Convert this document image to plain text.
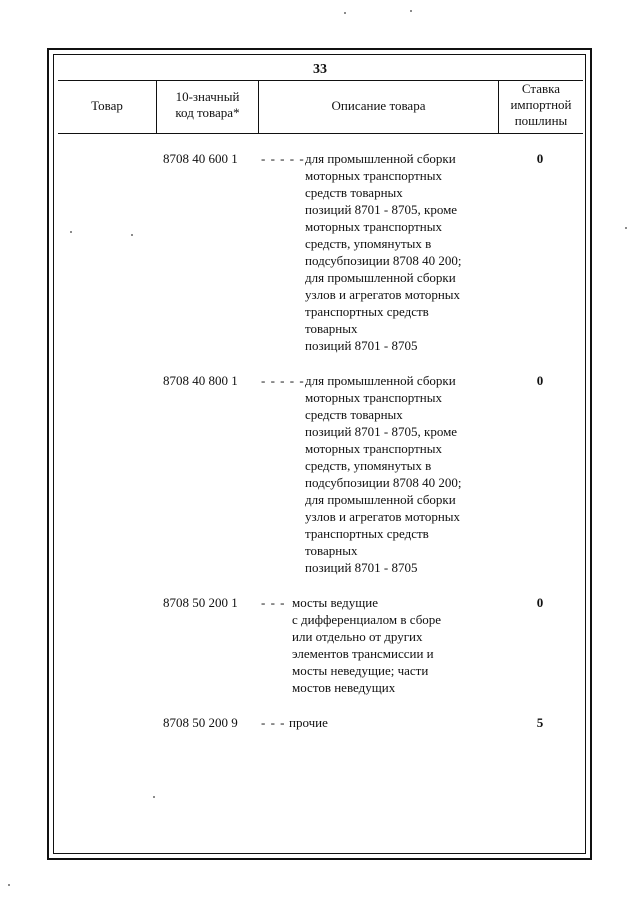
33
Товар
10-значный
код товара*	Описание товара
Ставка
импортной
пошлины
8708 40 600 1 - - - - - для промышленной сборки
моторных транспортных
средств товарных
позиций 8701 - 8705, кроме
моторных транспортных
средств, упомянутых в
подсубпозиции 8708 40 200;
для промышленной сборки
узлов и агрегатов моторных
транспортных средств
товарных
позиций 8701 - 8705
0
8708 40 800 1 - - - - - для промышленной сборки
моторных транспортных
средств товарных
позиций 8701 - 8705, кроме
моторных транспортных
средств, упомянутых в
подсубпозиции 8708 40 200;
для промышленной сборки
узлов и агрегатов моторных
транспортных средств
товарных
позиций 8701 - 8705
0
8708 50 200 1 - - - мосты ведущие
с дифференциалом в сборе
или отдельно от других
элементов трансмиссии и
мосты неведущие; части
мостов неведущих
0
8708 50 200 9 - - - прочие	5
